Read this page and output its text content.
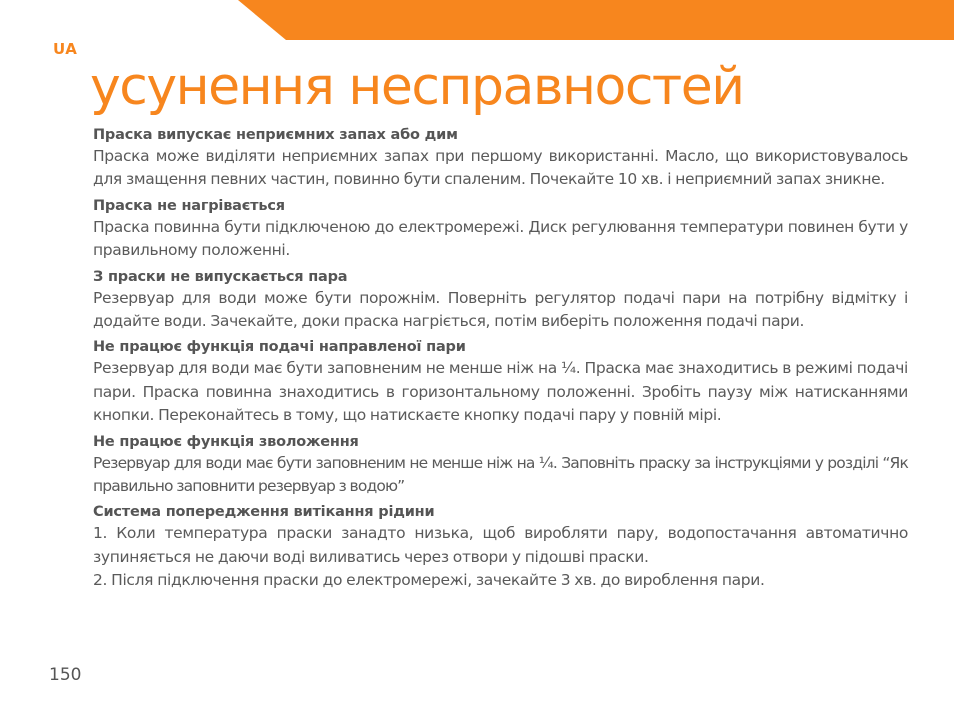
UA
усунення несправностей
Праска випускає неприємних запах або дим
Праска може виділяти неприємних запах при першому використанні. Масло, що використовувалось для змащення певних частин, повинно бути спаленим. Почекайте 10 хв. і неприємний запах зникне.
Праска не нагрівається
Праска повинна бути підключеною до електромережі. Диск регулювання температури повинен бути у правильному положенні.
З праски не випускається пара
Резервуар для води може бути порожнім. Поверніть регулятор подачі пари на потрібну відмітку і додайте води. Зачекайте, доки праска нагріється, потім виберіть положення подачі пари.
Не працює функція подачі направленої пари
Резервуар для води має бути заповненим не менше ніж на ¼. Праска має знаходитись в режимі подачі пари. Праска повинна знаходитись в горизонтальному положенні. Зробіть паузу між натисканнями кнопки. Переконайтесь в тому, що натискаєте кнопку подачі пару у повній мірі.
Не працює функція зволоження
Резервуар для води має бути заповненим не менше ніж на ¼. Заповніть праску за інструкціями у розділі “Як правильно заповнити резервуар з водою”
Система попередження витікання рідини
1. Коли температура праски занадто низька, щоб виробляти пару, водопостачання автоматично зупиняється не даючи воді виливатись через отвори у підошві праски.
2. Після підключення праски до електромережі, зачекайте 3 хв. до вироблення пари.
150
